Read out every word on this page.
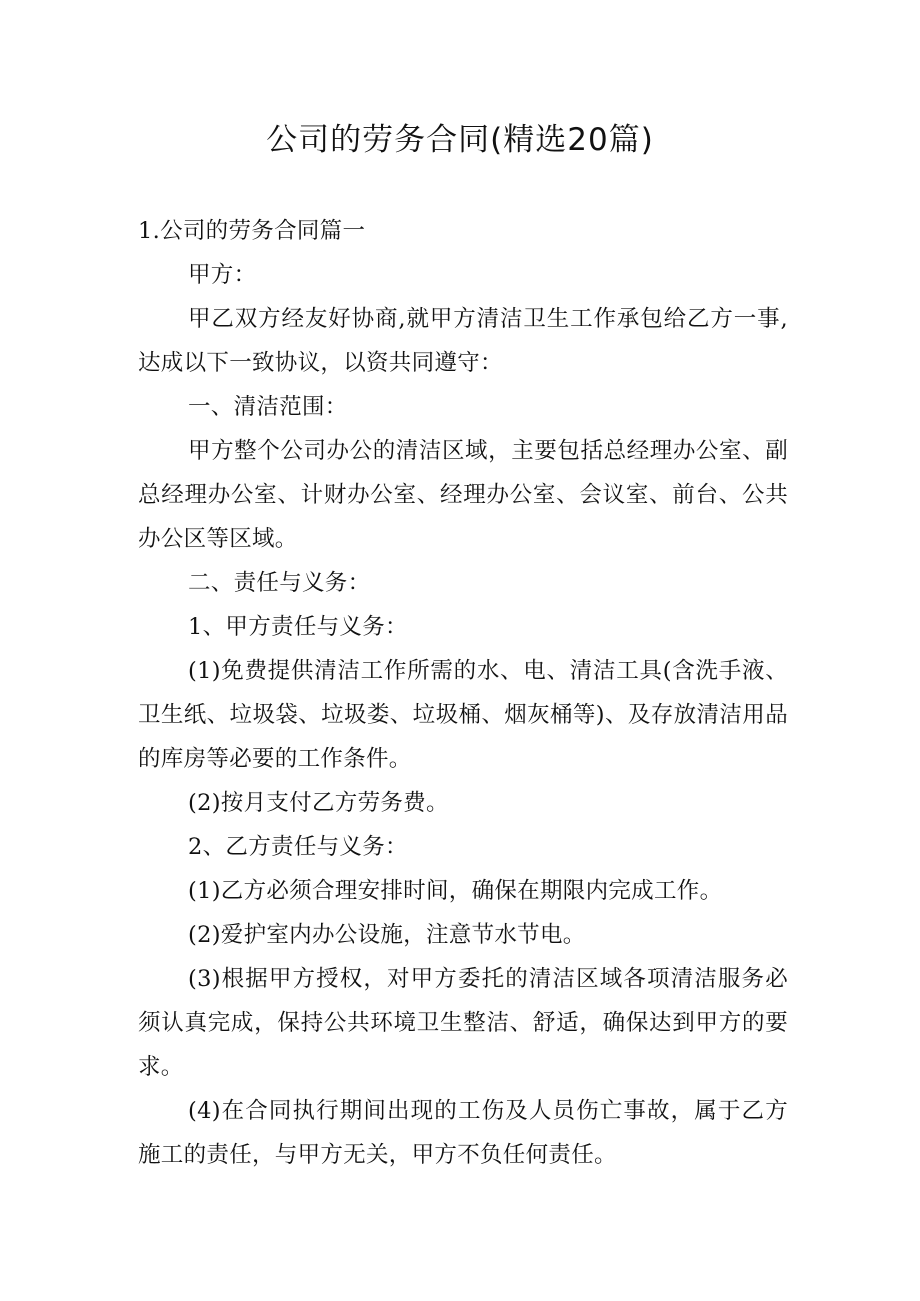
公司的劳务合同(精选20篇)

1.公司的劳务合同篇一

甲方：

甲乙双方经友好协商,就甲方清洁卫生工作承包给乙方一事,达成以下一致协议，以资共同遵守：

一、清洁范围：

甲方整个公司办公的清洁区域，主要包括总经理办公室、副总经理办公室、计财办公室、经理办公室、会议室、前台、公共办公区等区域。

二、责任与义务：

1、甲方责任与义务：

(1)免费提供清洁工作所需的水、电、清洁工具(含洗手液、卫生纸、垃圾袋、垃圾娄、垃圾桶、烟灰桶等)、及存放清洁用品的库房等必要的工作条件。

(2)按月支付乙方劳务费。

2、乙方责任与义务：

(1)乙方必须合理安排时间，确保在期限内完成工作。

(2)爱护室内办公设施，注意节水节电。

(3)根据甲方授权，对甲方委托的清洁区域各项清洁服务必须认真完成，保持公共环境卫生整洁、舒适，确保达到甲方的要求。

(4)在合同执行期间出现的工伤及人员伤亡事故，属于乙方施工的责任，与甲方无关，甲方不负任何责任。
